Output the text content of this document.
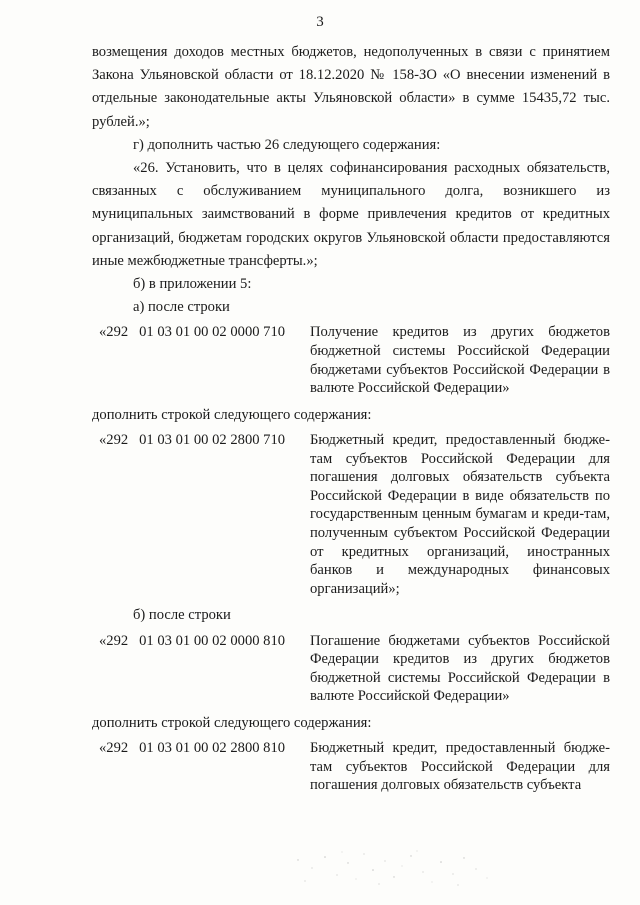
3

возмещения доходов местных бюджетов, недополученных в связи с принятием Закона Ульяновской области от 18.12.2020 № 158-ЗО «О внесении изменений в отдельные законодательные акты Ульяновской области» в сумме 15435,72 тыс. рублей.»;

г) дополнить частью 26 следующего содержания:

«26. Установить, что в целях софинансирования расходных обязательств, связанных с обслуживанием муниципального долга, возникшего из муниципальных заимствований в форме привлечения кредитов от кредитных организаций, бюджетам городских округов Ульяновской области предоставляются иные межбюджетные трансферты.»;

б) в приложении 5:

а) после строки

«292   01 03 01 00 02 0000 710	Получение кредитов из других бюджетов бюджетной системы Российской Федерации бюджетами субъектов Российской Федерации в валюте Российской Федерации»

дополнить строкой следующего содержания:

«292   01 03 01 00 02 2800 710	Бюджетный кредит, предоставленный бюдже-там субъектов Российской Федерации для погашения долговых обязательств субъекта Российской Федерации в виде обязательств по государственным ценным бумагам и креди-там, полученным субъектом Российской Федерации от кредитных организаций, иностранных банков и международных финансовых организаций»;

б) после строки

«292   01 03 01 00 02 0000 810	Погашение бюджетами субъектов Российской Федерации кредитов из других бюджетов бюджетной системы Российской Федерации в валюте Российской Федерации»

дополнить строкой следующего содержания:

«292   01 03 01 00 02 2800 810	Бюджетный кредит, предоставленный бюдже-там субъектов Российской Федерации для погашения долговых обязательств субъекта
